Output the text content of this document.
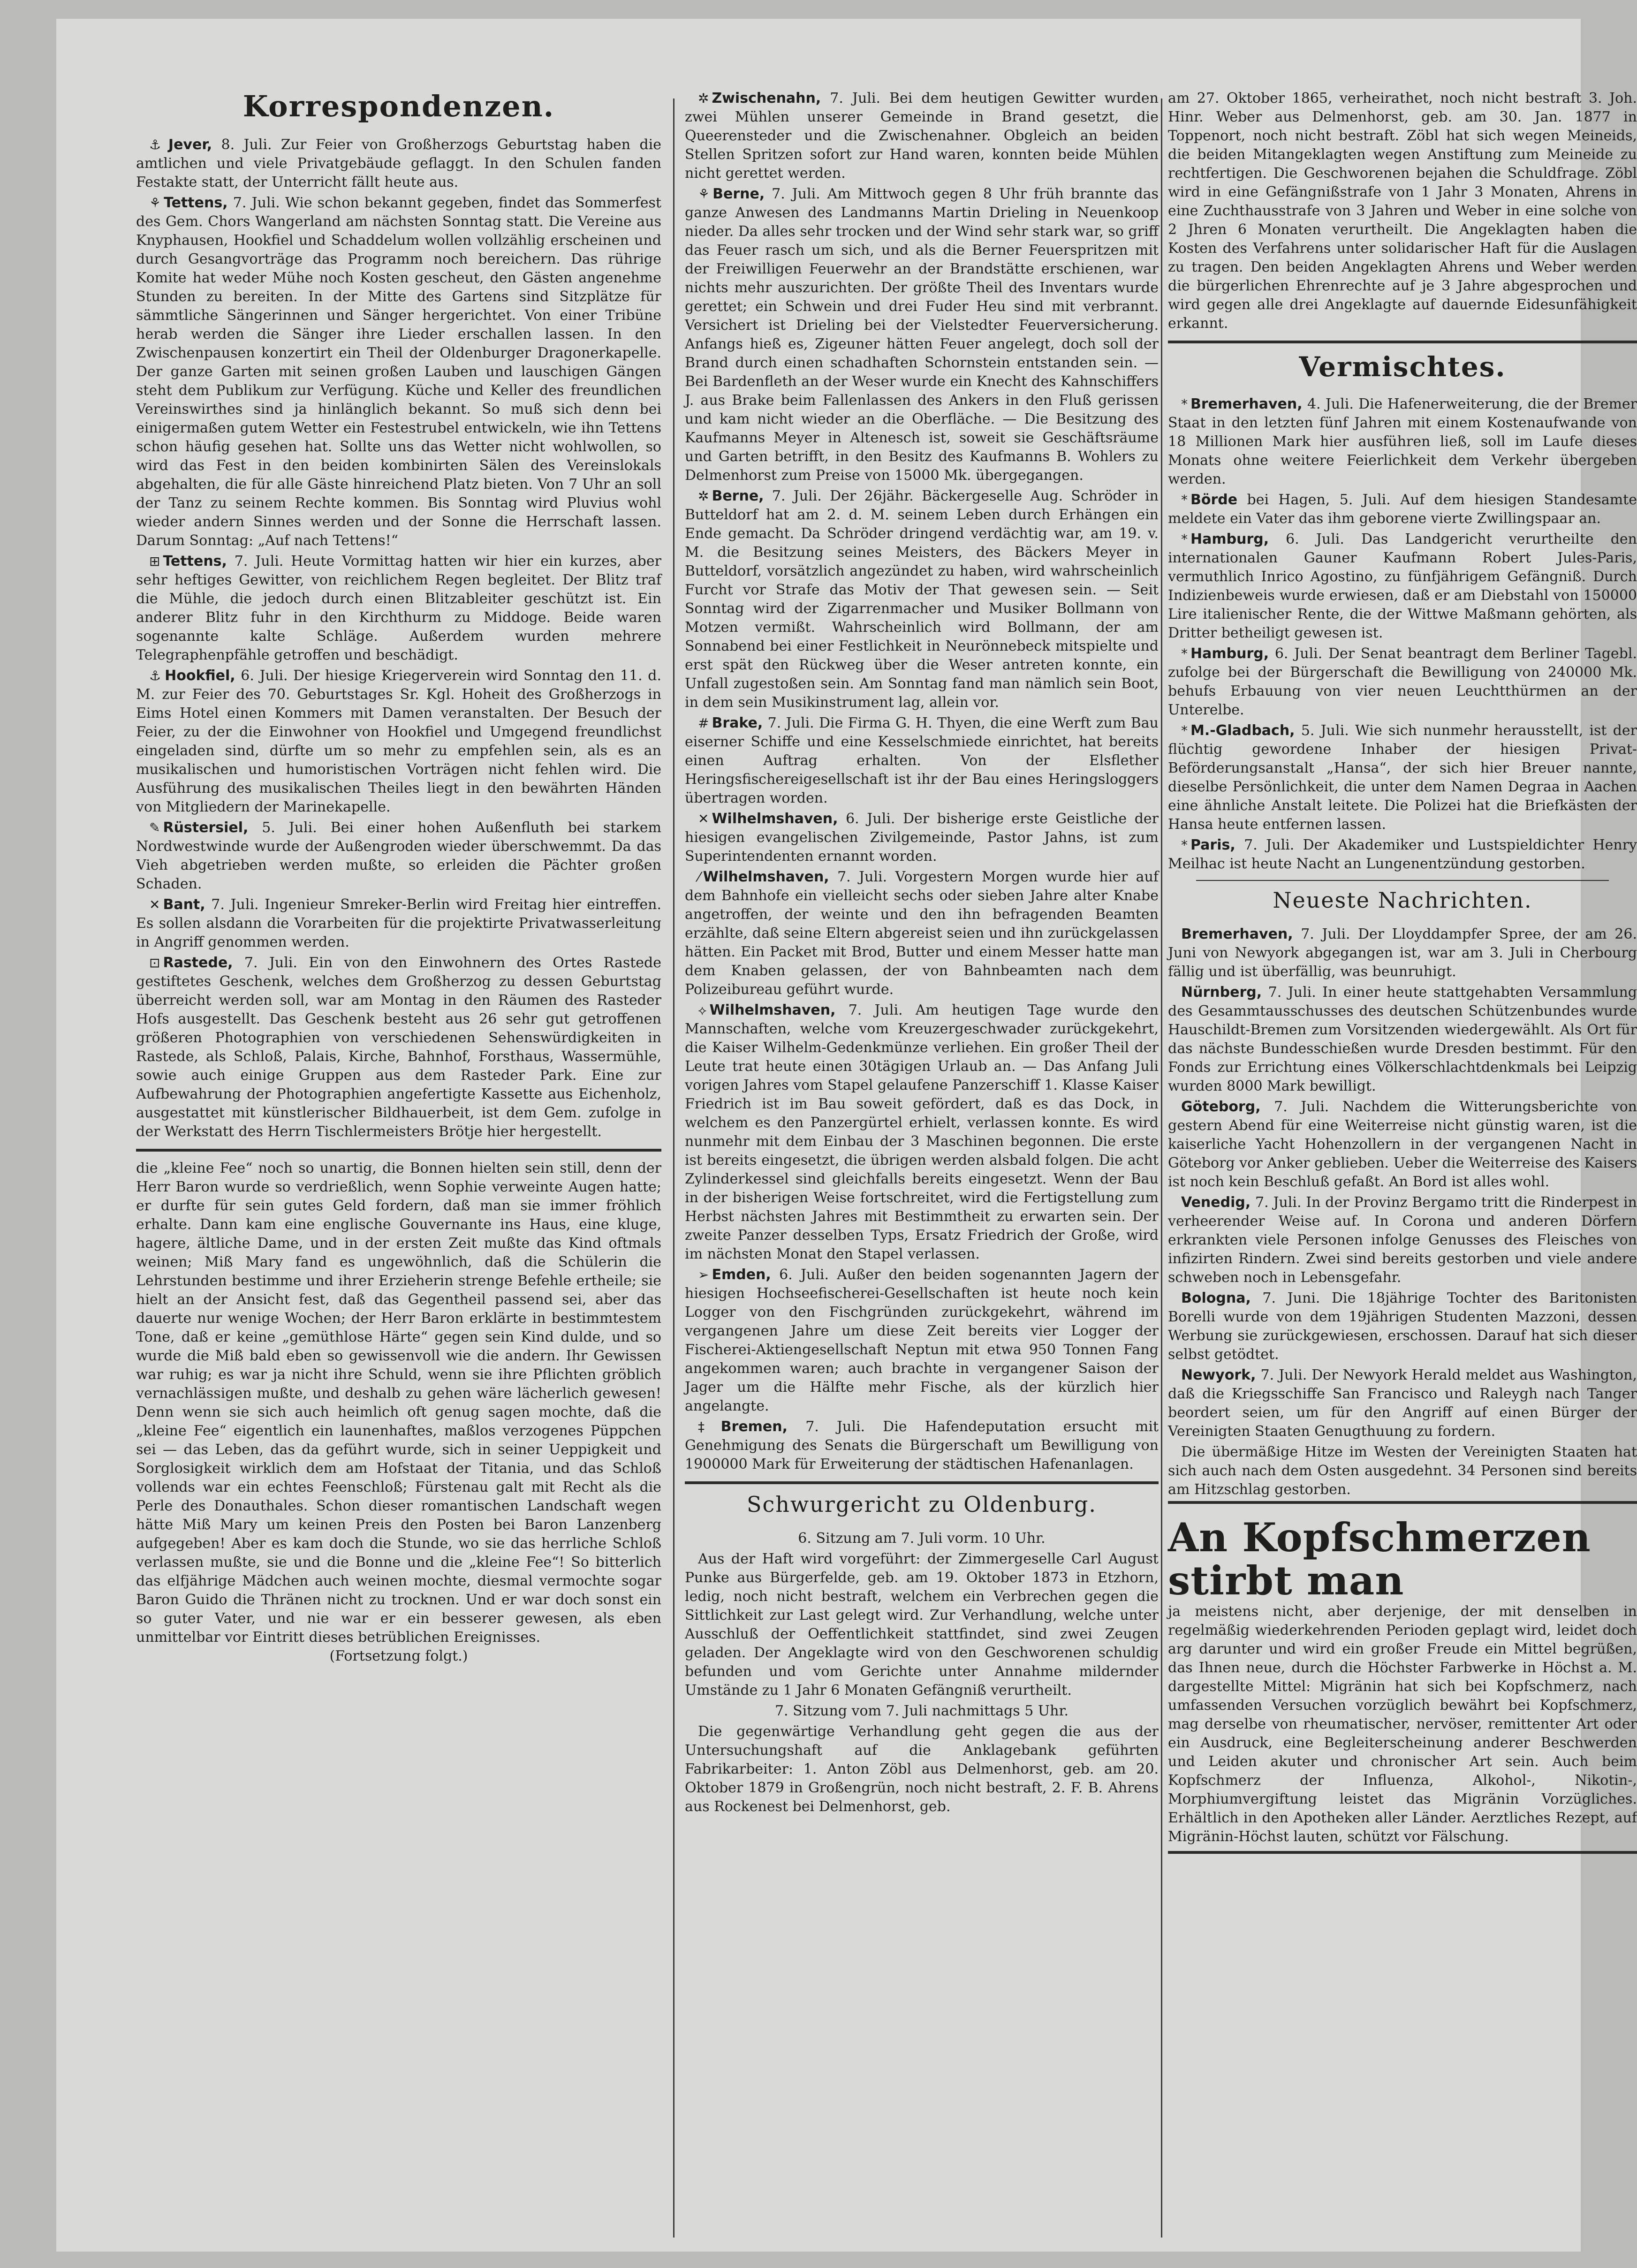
Korrespondenzen.
⚓ Jever, 8. Juli. Zur Feier von Großherzogs Geburtstag haben die amtlichen und viele Privatgebäude geflaggt. In den Schulen fanden Festakte statt, der Unterricht fällt heute aus.
⚘ Tettens, 7. Juli. Wie schon bekannt gegeben, findet das Sommerfest des Gem. Chors Wangerland am nächsten Sonntag statt. Die Vereine aus Knyphausen, Hookfiel und Schaddelum wollen vollzählig erscheinen und durch Gesangvorträge das Programm noch bereichern. Das rührige Komite hat weder Mühe noch Kosten gescheut, den Gästen angenehme Stunden zu bereiten. In der Mitte des Gartens sind Sitzplätze für sämmtliche Sängerinnen und Sänger hergerichtet. Von einer Tribüne herab werden die Sänger ihre Lieder erschallen lassen. In den Zwischenpausen konzertirt ein Theil der Oldenburger Dragonerkapelle. Der ganze Garten mit seinen großen Lauben und lauschigen Gängen steht dem Publikum zur Verfügung. Küche und Keller des freundlichen Vereinswirthes sind ja hinlänglich bekannt. So muß sich denn bei einigermaßen gutem Wetter ein Festestrubel entwickeln, wie ihn Tettens schon häufig gesehen hat. Sollte uns das Wetter nicht wohlwollen, so wird das Fest in den beiden kombinirten Sälen des Vereinslokals abgehalten, die für alle Gäste hinreichend Platz bieten. Von 7 Uhr an soll der Tanz zu seinem Rechte kommen. Bis Sonntag wird Pluvius wohl wieder andern Sinnes werden und der Sonne die Herrschaft lassen. Darum Sonntag: „Auf nach Tettens!“
⊞ Tettens, 7. Juli. Heute Vormittag hatten wir hier ein kurzes, aber sehr heftiges Gewitter, von reichlichem Regen begleitet. Der Blitz traf die Mühle, die jedoch durch einen Blitzableiter geschützt ist. Ein anderer Blitz fuhr in den Kirchthurm zu Middoge. Beide waren sogenannte kalte Schläge. Außerdem wurden mehrere Telegraphenpfähle getroffen und beschädigt.
⚓ Hookfiel, 6. Juli. Der hiesige Kriegerverein wird Sonntag den 11. d. M. zur Feier des 70. Geburtstages Sr. Kgl. Hoheit des Großherzogs in Eims Hotel einen Kommers mit Damen veranstalten. Der Besuch der Feier, zu der die Einwohner von Hookfiel und Umgegend freundlichst eingeladen sind, dürfte um so mehr zu empfehlen sein, als es an musikalischen und humoristischen Vorträgen nicht fehlen wird. Die Ausführung des musikalischen Theiles liegt in den bewährten Händen von Mitgliedern der Marinekapelle.
✎ Rüstersiel, 5. Juli. Bei einer hohen Außenfluth bei starkem Nordwestwinde wurde der Außengroden wieder überschwemmt. Da das Vieh abgetrieben werden mußte, so erleiden die Pächter großen Schaden.
✕ Bant, 7. Juli. Ingenieur Smreker-Berlin wird Freitag hier eintreffen. Es sollen alsdann die Vorarbeiten für die projektirte Privatwasserleitung in Angriff genommen werden.
⊡ Rastede, 7. Juli. Ein von den Einwohnern des Ortes Rastede gestiftetes Geschenk, welches dem Großherzog zu dessen Geburtstag überreicht werden soll, war am Montag in den Räumen des Rasteder Hofs ausgestellt. Das Geschenk besteht aus 26 sehr gut getroffenen größeren Photographien von verschiedenen Sehenswürdigkeiten in Rastede, als Schloß, Palais, Kirche, Bahnhof, Forsthaus, Wassermühle, sowie auch einige Gruppen aus dem Rasteder Park. Eine zur Aufbewahrung der Photographien angefertigte Kassette aus Eichenholz, ausgestattet mit künstlerischer Bildhauerbeit, ist dem Gem. zufolge in der Werkstatt des Herrn Tischlermeisters Brötje hier hergestellt.
die „kleine Fee“ noch so unartig, die Bonnen hielten sein still, denn der Herr Baron wurde so verdrießlich, wenn Sophie verweinte Augen hatte; er durfte für sein gutes Geld fordern, daß man sie immer fröhlich erhalte. Dann kam eine englische Gouvernante ins Haus, eine kluge, hagere, ältliche Dame, und in der ersten Zeit mußte das Kind oftmals weinen; Miß Mary fand es ungewöhnlich, daß die Schülerin die Lehrstunden bestimme und ihrer Erzieherin strenge Befehle ertheile; sie hielt an der Ansicht fest, daß das Gegentheil passend sei, aber das dauerte nur wenige Wochen; der Herr Baron erklärte in bestimmtestem Tone, daß er keine „gemüthlose Härte“ gegen sein Kind dulde, und so wurde die Miß bald eben so gewissenvoll wie die andern. Ihr Gewissen war ruhig; es war ja nicht ihre Schuld, wenn sie ihre Pflichten gröblich vernachlässigen mußte, und deshalb zu gehen wäre lächerlich gewesen! Denn wenn sie sich auch heimlich oft genug sagen mochte, daß die „kleine Fee“ eigentlich ein launenhaftes, maßlos verzogenes Püppchen sei — das Leben, das da geführt wurde, sich in seiner Ueppigkeit und Sorglosigkeit wirklich dem am Hofstaat der Titania, und das Schloß vollends war ein echtes Feenschloß; Fürstenau galt mit Recht als die Perle des Donauthales. Schon dieser romantischen Landschaft wegen hätte Miß Mary um keinen Preis den Posten bei Baron Lanzenberg aufgegeben! Aber es kam doch die Stunde, wo sie das herrliche Schloß verlassen mußte, sie und die Bonne und die „kleine Fee“! So bitterlich das elfjährige Mädchen auch weinen mochte, diesmal vermochte sogar Baron Guido die Thränen nicht zu trocknen. Und er war doch sonst ein so guter Vater, und nie war er ein besserer gewesen, als eben unmittelbar vor Eintritt dieses betrüblichen Ereignisses.
(Fortsetzung folgt.)
✲ Zwischenahn, 7. Juli. Bei dem heutigen Gewitter wurden zwei Mühlen unserer Gemeinde in Brand gesetzt, die Queerensteder und die Zwischenahner. Obgleich an beiden Stellen Spritzen sofort zur Hand waren, konnten beide Mühlen nicht gerettet werden.
⚘ Berne, 7. Juli. Am Mittwoch gegen 8 Uhr früh brannte das ganze Anwesen des Landmanns Martin Drieling in Neuenkoop nieder. Da alles sehr trocken und der Wind sehr stark war, so griff das Feuer rasch um sich, und als die Berner Feuerspritzen mit der Freiwilligen Feuerwehr an der Brandstätte erschienen, war nichts mehr auszurichten. Der größte Theil des Inventars wurde gerettet; ein Schwein und drei Fuder Heu sind mit verbrannt. Versichert ist Drieling bei der Vielstedter Feuerversicherung. Anfangs hieß es, Zigeuner hätten Feuer angelegt, doch soll der Brand durch einen schadhaften Schornstein entstanden sein. — Bei Bardenfleth an der Weser wurde ein Knecht des Kahnschiffers J. aus Brake beim Fallenlassen des Ankers in den Fluß gerissen und kam nicht wieder an die Oberfläche. — Die Besitzung des Kaufmanns Meyer in Altenesch ist, soweit sie Geschäftsräume und Garten betrifft, in den Besitz des Kaufmanns B. Wohlers zu Delmenhorst zum Preise von 15000 Mk. übergegangen.
✲ Berne, 7. Juli. Der 26jähr. Bäckergeselle Aug. Schröder in Butteldorf hat am 2. d. M. seinem Leben durch Erhängen ein Ende gemacht. Da Schröder dringend verdächtig war, am 19. v. M. die Besitzung seines Meisters, des Bäckers Meyer in Butteldorf, vorsätzlich angezündet zu haben, wird wahrscheinlich Furcht vor Strafe das Motiv der That gewesen sein. — Seit Sonntag wird der Zigarrenmacher und Musiker Bollmann von Motzen vermißt. Wahrscheinlich wird Bollmann, der am Sonnabend bei einer Festlichkeit in Neurönnebeck mitspielte und erst spät den Rückweg über die Weser antreten konnte, ein Unfall zugestoßen sein. Am Sonntag fand man nämlich sein Boot, in dem sein Musikinstrument lag, allein vor.
# Brake, 7. Juli. Die Firma G. H. Thyen, die eine Werft zum Bau eiserner Schiffe und eine Kesselschmiede einrichtet, hat bereits einen Auftrag erhalten. Von der Elsflether Heringsfischereigesellschaft ist ihr der Bau eines Heringsloggers übertragen worden.
✕ Wilhelmshaven, 6. Juli. Der bisherige erste Geistliche der hiesigen evangelischen Zivilgemeinde, Pastor Jahns, ist zum Superintendenten ernannt worden.
⁄ Wilhelmshaven, 7. Juli. Vorgestern Morgen wurde hier auf dem Bahnhofe ein vielleicht sechs oder sieben Jahre alter Knabe angetroffen, der weinte und den ihn befragenden Beamten erzählte, daß seine Eltern abgereist seien und ihn zurückgelassen hätten. Ein Packet mit Brod, Butter und einem Messer hatte man dem Knaben gelassen, der von Bahnbeamten nach dem Polizeibureau geführt wurde.
⟡ Wilhelmshaven, 7. Juli. Am heutigen Tage wurde den Mannschaften, welche vom Kreuzergeschwader zurückgekehrt, die Kaiser Wilhelm-Gedenkmünze verliehen. Ein großer Theil der Leute trat heute einen 30tägigen Urlaub an. — Das Anfang Juli vorigen Jahres vom Stapel gelaufene Panzerschiff 1. Klasse Kaiser Friedrich ist im Bau soweit gefördert, daß es das Dock, in welchem es den Panzergürtel erhielt, verlassen konnte. Es wird nunmehr mit dem Einbau der 3 Maschinen begonnen. Die erste ist bereits eingesetzt, die übrigen werden alsbald folgen. Die acht Zylinderkessel sind gleichfalls bereits eingesetzt. Wenn der Bau in der bisherigen Weise fortschreitet, wird die Fertigstellung zum Herbst nächsten Jahres mit Bestimmtheit zu erwarten sein. Der zweite Panzer desselben Typs, Ersatz Friedrich der Große, wird im nächsten Monat den Stapel verlassen.
➢ Emden, 6. Juli. Außer den beiden sogenannten Jagern der hiesigen Hochseefischerei-Gesellschaften ist heute noch kein Logger von den Fischgründen zurückgekehrt, während im vergangenen Jahre um diese Zeit bereits vier Logger der Fischerei-Aktiengesellschaft Neptun mit etwa 950 Tonnen Fang angekommen waren; auch brachte in vergangener Saison der Jager um die Hälfte mehr Fische, als der kürzlich hier angelangte.
‡ Bremen, 7. Juli. Die Hafendeputation ersucht mit Genehmigung des Senats die Bürgerschaft um Bewilligung von 1900000 Mark für Erweiterung der städtischen Hafenanlagen.
Schwurgericht zu Oldenburg.
6. Sitzung am 7. Juli vorm. 10 Uhr.
Aus der Haft wird vorgeführt: der Zimmergeselle Carl August Punke aus Bürgerfelde, geb. am 19. Oktober 1873 in Etzhorn, ledig, noch nicht bestraft, welchem ein Verbrechen gegen die Sittlichkeit zur Last gelegt wird. Zur Verhandlung, welche unter Ausschluß der Oeffentlichkeit stattfindet, sind zwei Zeugen geladen. Der Angeklagte wird von den Geschworenen schuldig befunden und vom Gerichte unter Annahme mildernder Umstände zu 1 Jahr 6 Monaten Gefängniß verurtheilt.
7. Sitzung vom 7. Juli nachmittags 5 Uhr.
Die gegenwärtige Verhandlung geht gegen die aus der Untersuchungshaft auf die Anklagebank geführten Fabrikarbeiter: 1. Anton Zöbl aus Delmenhorst, geb. am 20. Oktober 1879 in Großengrün, noch nicht bestraft, 2. F. B. Ahrens aus Rockenest bei Delmenhorst, geb.
am 27. Oktober 1865, verheirathet, noch nicht bestraft 3. Joh. Hinr. Weber aus Delmenhorst, geb. am 30. Jan. 1877 in Toppenort, noch nicht bestraft. Zöbl hat sich wegen Meineids, die beiden Mitangeklagten wegen Anstiftung zum Meineide zu rechtfertigen. Die Geschworenen bejahen die Schuldfrage. Zöbl wird in eine Gefängnißstrafe von 1 Jahr 3 Monaten, Ahrens in eine Zuchthausstrafe von 3 Jahren und Weber in eine solche von 2 Jhren 6 Monaten verurtheilt. Die Angeklagten haben die Kosten des Verfahrens unter solidarischer Haft für die Auslagen zu tragen. Den beiden Angeklagten Ahrens und Weber werden die bürgerlichen Ehrenrechte auf je 3 Jahre abgesprochen und wird gegen alle drei Angeklagte auf dauernde Eidesunfähigkeit erkannt.
Vermischtes.
* Bremerhaven, 4. Juli. Die Hafenerweiterung, die der Bremer Staat in den letzten fünf Jahren mit einem Kostenaufwande von 18 Millionen Mark hier ausführen ließ, soll im Laufe dieses Monats ohne weitere Feierlichkeit dem Verkehr übergeben werden.
* Börde bei Hagen, 5. Juli. Auf dem hiesigen Standesamte meldete ein Vater das ihm geborene vierte Zwillingspaar an.
* Hamburg, 6. Juli. Das Landgericht verurtheilte den internationalen Gauner Kaufmann Robert Jules-Paris, vermuthlich Inrico Agostino, zu fünfjährigem Gefängniß. Durch Indizienbeweis wurde erwiesen, daß er am Diebstahl von 150000 Lire italienischer Rente, die der Wittwe Maßmann gehörten, als Dritter betheiligt gewesen ist.
* Hamburg, 6. Juli. Der Senat beantragt dem Berliner Tagebl. zufolge bei der Bürgerschaft die Bewilligung von 240000 Mk. behufs Erbauung von vier neuen Leuchtthürmen an der Unterelbe.
* M.-Gladbach, 5. Juli. Wie sich nunmehr herausstellt, ist der flüchtig gewordene Inhaber der hiesigen Privat-Beförderungsanstalt „Hansa“, der sich hier Breuer nannte, dieselbe Persönlichkeit, die unter dem Namen Degraa in Aachen eine ähnliche Anstalt leitete. Die Polizei hat die Briefkästen der Hansa heute entfernen lassen.
* Paris, 7. Juli. Der Akademiker und Lustspieldichter Henry Meilhac ist heute Nacht an Lungenentzündung gestorben.
Neueste Nachrichten.
Bremerhaven, 7. Juli. Der Lloyddampfer Spree, der am 26. Juni von Newyork abgegangen ist, war am 3. Juli in Cherbourg fällig und ist überfällig, was beunruhigt.
Nürnberg, 7. Juli. In einer heute stattgehabten Versammlung des Gesammtausschusses des deutschen Schützenbundes wurde Hauschildt-Bremen zum Vorsitzenden wiedergewählt. Als Ort für das nächste Bundesschießen wurde Dresden bestimmt. Für den Fonds zur Errichtung eines Völkerschlachtdenkmals bei Leipzig wurden 8000 Mark bewilligt.
Göteborg, 7. Juli. Nachdem die Witterungsberichte von gestern Abend für eine Weiterreise nicht günstig waren, ist die kaiserliche Yacht Hohenzollern in der vergangenen Nacht in Göteborg vor Anker geblieben. Ueber die Weiterreise des Kaisers ist noch kein Beschluß gefaßt. An Bord ist alles wohl.
Venedig, 7. Juli. In der Provinz Bergamo tritt die Rinderpest in verheerender Weise auf. In Corona und anderen Dörfern erkrankten viele Personen infolge Genusses des Fleisches von infizirten Rindern. Zwei sind bereits gestorben und viele andere schweben noch in Lebensgefahr.
Bologna, 7. Juni. Die 18jährige Tochter des Baritonisten Borelli wurde von dem 19jährigen Studenten Mazzoni, dessen Werbung sie zurückgewiesen, erschossen. Darauf hat sich dieser selbst getödtet.
Newyork, 7. Juli. Der Newyork Herald meldet aus Washington, daß die Kriegsschiffe San Francisco und Raleygh nach Tanger beordert seien, um für den Angriff auf einen Bürger der Vereinigten Staaten Genugthuung zu fordern.
Die übermäßige Hitze im Westen der Vereinigten Staaten hat sich auch nach dem Osten ausgedehnt. 34 Personen sind bereits am Hitzschlag gestorben.
An Kopfschmerzen stirbt man
ja meistens nicht, aber derjenige, der mit denselben in regelmäßig wiederkehrenden Perioden geplagt wird, leidet doch arg darunter und wird ein großer Freude ein Mittel begrüßen, das Ihnen neue, durch die Höchster Farbwerke in Höchst a. M. dargestellte Mittel: Migränin hat sich bei Kopfschmerz, nach umfassenden Versuchen vorzüglich bewährt bei Kopfschmerz, mag derselbe von rheumatischer, nervöser, remittenter Art oder ein Ausdruck, eine Begleiterscheinung anderer Beschwerden und Leiden akuter und chronischer Art sein. Auch beim Kopfschmerz der Influenza, Alkohol-, Nikotin-, Morphiumvergiftung leistet das Migränin Vorzügliches. Erhältlich in den Apotheken aller Länder. Aerztliches Rezept, auf Migränin-Höchst lauten, schützt vor Fälschung.
